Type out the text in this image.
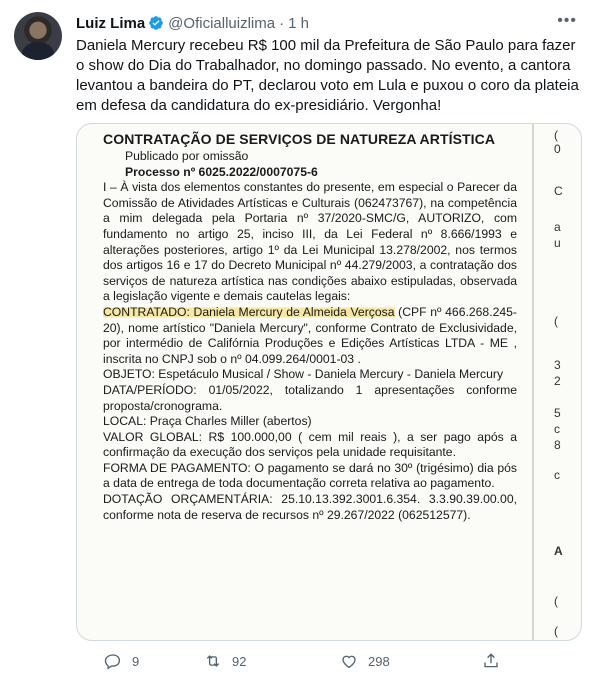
Luiz Lima @Oficialluizlima · 1 h	•••
Daniela Mercury recebeu R$ 100 mil da Prefeitura de São Paulo para fazer o show do Dia do Trabalhador, no domingo passado. No evento, a cantora levantou a bandeira do PT, declarou voto em Lula e puxou o coro da plateia em defesa da candidatura do ex-presidiário. Vergonha!
CONTRATAÇÃO DE SERVIÇOS DE NATUREZA ARTÍSTICA

Publicado por omissão

Processo nº 6025.2022/0007075-6

I – À vista dos elementos constantes do presente, em especial o Parecer da Comissão de Atividades Artísticas e Culturais (062473767), na competência a mim delegada pela Portaria nº 37/2020-SMC/G, AUTORIZO, com fundamento no artigo 25, inciso III, da Lei Federal nº 8.666/1993 e alterações posteriores, artigo 1º da Lei Municipal 13.278/2002, nos termos dos artigos 16 e 17 do Decreto Municipal nº 44.279/2003, a contratação dos serviços de natureza artística nas condições abaixo estipuladas, observada a legislação vigente e demais cautelas legais:

CONTRATADO: Daniela Mercury de Almeida Verçosa (CPF nº 466.268.245-20), nome artístico "Daniela Mercury", conforme Contrato de Exclusividade, por intermédio de Califórnia Produções e Edições Artísticas LTDA - ME , inscrita no CNPJ sob o nº 04.099.264/0001-03 .

OBJETO: Espetáculo Musical / Show - Daniela Mercury - Daniela Mercury

DATA/PERÍODO: 01/05/2022, totalizando 1 apresentações conforme proposta/cronograma.

LOCAL: Praça Charles Miller (abertos)

VALOR GLOBAL: R$ 100.000,00 ( cem mil reais ), a ser pago após a confirmação da execução dos serviços pela unidade requisitante.

FORMA DE PAGAMENTO: O pagamento se dará no 30º (trigésimo) dia pós a data de entrega de toda documentação correta relativa ao pagamento.

DOTAÇÃO ORÇAMENTÁRIA: 25.10.13.392.3001.6.354. 3.3.90.39.00.00, conforme nota de reserva de recursos nº 29.267/2022 (062512577).

(
0
C
a
u
(
3
2
5
c
8
c
A
(
(
9	92	298
